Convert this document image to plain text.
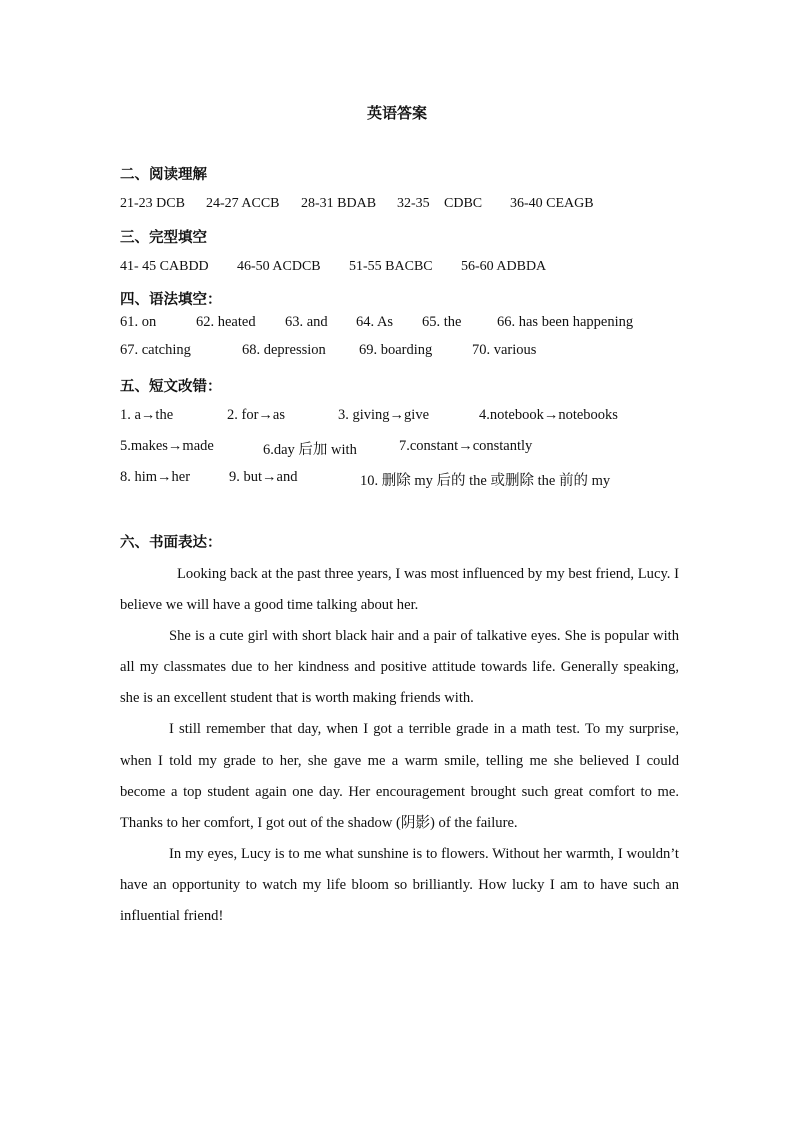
英语答案
二、阅读理解
21-23 DCB 24-27 ACCB 28-31 BDAB 32-35 CDBC 36-40 CEAGB
三、完型填空
41- 45 CABDD 46-50 ACDCB 51-55 BACBC 56-60 ADBDA
四、语法填空：
61. on	62. heated 63. and 64. As 65. the 66. has been happening
67. catching	68. depression 69. boarding	70. various
五、短文改错：
1. a→the	2. for→as	3. giving→give	4.notebook→notebooks
5.makes→made	6.day 后加 with	7.constant→constantly
8. him→her	9. but→and	10. 删除 my 后的 the 或删除 the 前的 my
六、书面表达：

Looking back at the past three years, I was most influenced by my best friend, Lucy. I believe we will have a good time talking about her.

She is a cute girl with short black hair and a pair of talkative eyes. She is popular with all my classmates due to her kindness and positive attitude towards life. Generally speaking, she is an excellent student that is worth making friends with.

I still remember that day, when I got a terrible grade in a math test. To my surprise, when I told my grade to her, she gave me a warm smile, telling me she believed I could become a top student again one day. Her encouragement brought such great comfort to me. Thanks to her comfort, I got out of the shadow (阴影) of the failure.

In my eyes, Lucy is to me what sunshine is to flowers. Without her warmth, I wouldn’t have an opportunity to watch my life bloom so brilliantly. How lucky I am to have such an influential friend!
